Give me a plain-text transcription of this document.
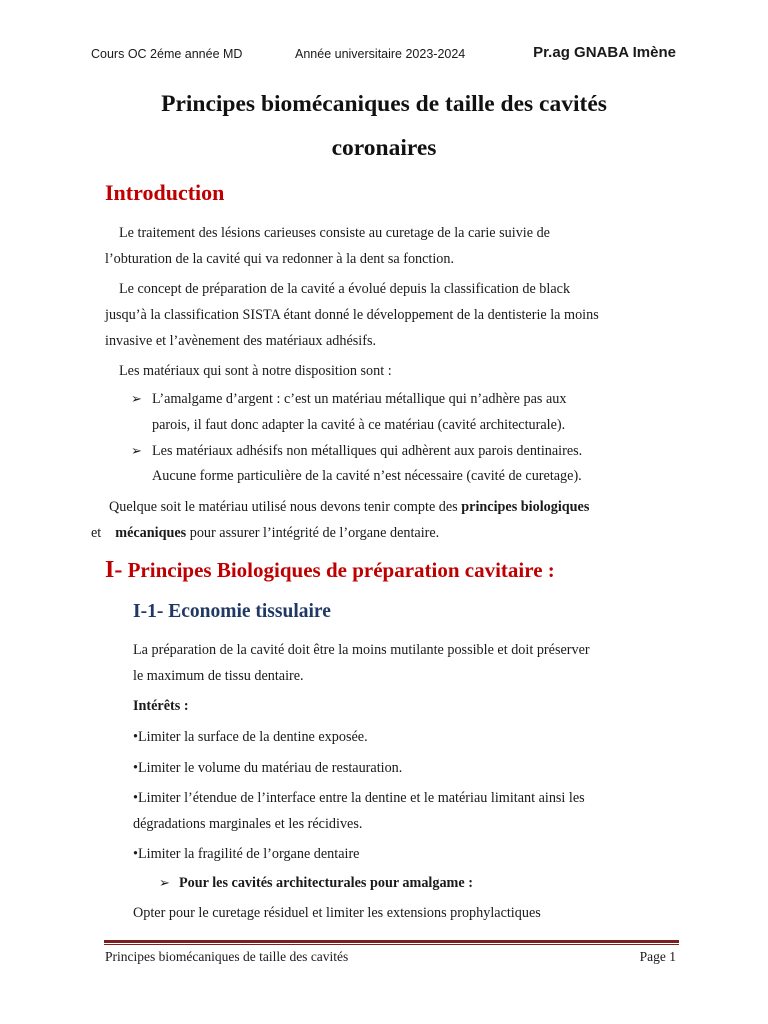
Cours OC 2éme année MD	Année universitaire 2023-2024	Pr.ag GNABA Imène
Principes biomécaniques de taille des cavités
coronaires
Introduction
Le traitement des lésions carieuses consiste au curetage de la carie suivie de
l’obturation de la cavité qui va redonner à la dent sa fonction.
Le concept de préparation de la cavité a évolué depuis la classification de black
jusqu’à la classification SISTA étant donné le développement de la dentisterie la moins
invasive et l’avènement des matériaux adhésifs.
Les matériaux qui sont à notre disposition sont :
➢ L’amalgame d’argent : c’est un matériau métallique qui n’adhère pas aux
parois, il faut donc adapter la cavité à ce matériau (cavité architecturale).
➢ Les matériaux adhésifs non métalliques qui adhèrent aux parois dentinaires.
Aucune forme particulière de la cavité n’est nécessaire (cavité de curetage).
Quelque soit le matériau utilisé nous devons tenir compte des principes biologiques
et mécaniques pour assurer l’intégrité de l’organe dentaire.
I- Principes Biologiques de préparation cavitaire :
I-1- Economie tissulaire
La préparation de la cavité doit être la moins mutilante possible et doit préserver
le maximum de tissu dentaire.
Intérêts :
•Limiter la surface de la dentine exposée.
•Limiter le volume du matériau de restauration.
•Limiter l’étendue de l’interface entre la dentine et le matériau limitant ainsi les
dégradations marginales et les récidives.
•Limiter la fragilité de l’organe dentaire
➢ Pour les cavités architecturales pour amalgame :
Opter pour le curetage résiduel et limiter les extensions prophylactiques
Principes biomécaniques de taille des cavités	Page 1
